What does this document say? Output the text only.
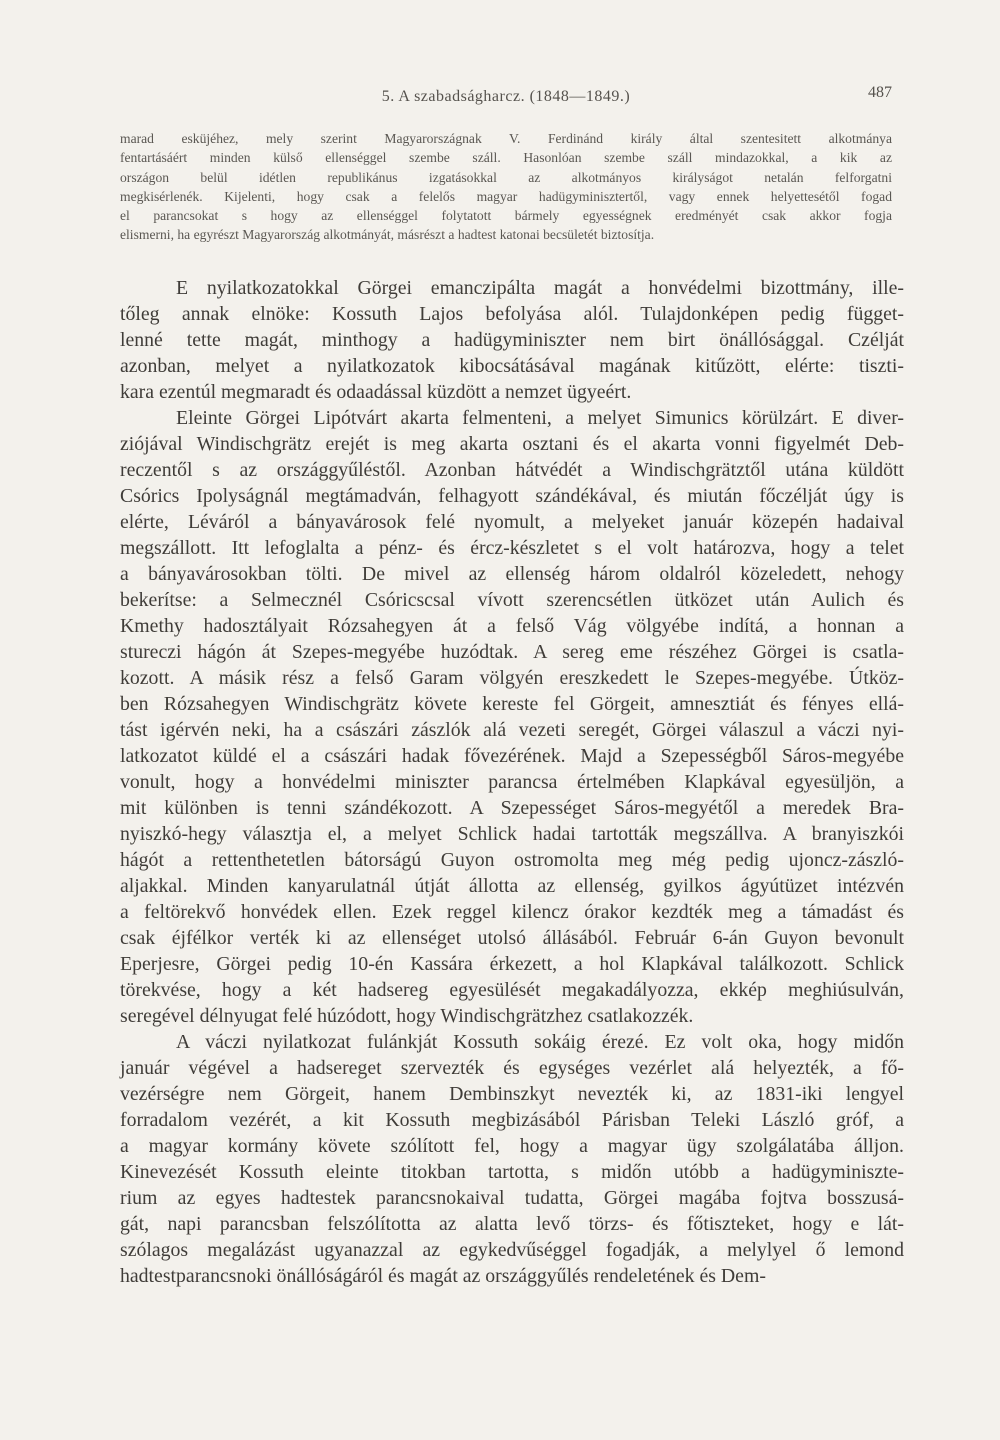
5. A szabadságharcz. (1848—1849.)	487
marad esküjéhez, mely szerint Magyarországnak V. Ferdinánd király által szentesitett alkotmánya
fentartásáért minden külső ellenséggel szembe száll. Hasonlóan szembe száll mindazokkal, a kik az
országon belül idétlen republikánus izgatásokkal az alkotmányos királyságot netalán felforgatni
megkisérlenék. Kijelenti, hogy csak a felelős magyar hadügyminisztertől, vagy ennek helyettesétől fogad
el parancsokat s hogy az ellenséggel folytatott bármely egyességnek eredményét csak akkor fogja
elismerni, ha egyrészt Magyarország alkotmányát, másrészt a hadtest katonai becsületét biztosítja.
E nyilatkozatokkal Görgei emanczipálta magát a honvédelmi bizottmány, ille-
tőleg annak elnöke: Kossuth Lajos befolyása alól. Tulajdonképen pedig függet-
lenné tette magát, minthogy a hadügyminiszter nem birt önállósággal. Czélját
azonban, melyet a nyilatkozatok kibocsátásával magának kitűzött, elérte: tiszti-
kara ezentúl megmaradt és odaadással küzdött a nemzet ügyeért.
Eleinte Görgei Lipótvárt akarta felmenteni, a melyet Simunics körülzárt. E diver-
ziójával Windischgrätz erejét is meg akarta osztani és el akarta vonni figyelmét Deb-
reczentől s az országgyűléstől. Azonban hátvédét a Windischgrätztől utána küldött
Csórics Ipolyságnál megtámadván, felhagyott szándékával, és miután főczélját úgy is
elérte, Léváról a bányavárosok felé nyomult, a melyeket január közepén hadaival
megszállott. Itt lefoglalta a pénz- és ércz-készletet s el volt határozva, hogy a telet
a bányavárosokban tölti. De mivel az ellenség három oldalról közeledett, nehogy
bekerítse: a Selmecznél Csóricscsal vívott szerencsétlen ütközet után Aulich és
Kmethy hadosztályait Rózsahegyen át a felső Vág völgyébe indítá, a honnan a
stureczi hágón át Szepes-megyébe huzódtak. A sereg eme részéhez Görgei is csatla-
kozott. A másik rész a felső Garam völgyén ereszkedett le Szepes-megyébe. Útköz-
ben Rózsahegyen Windischgrätz követe kereste fel Görgeit, amnesztiát és fényes ellá-
tást igérvén neki, ha a császári zászlók alá vezeti seregét, Görgei válaszul a váczi nyi-
latkozatot küldé el a császári hadak fővezérének. Majd a Szepességből Sáros-megyébe
vonult, hogy a honvédelmi miniszter parancsa értelmében Klapkával egyesüljön, a
mit különben is tenni szándékozott. A Szepességet Sáros-megyétől a meredek Bra-
nyiszkó-hegy választja el, a melyet Schlick hadai tartották megszállva. A branyiszkói
hágót a rettenthetetlen bátorságú Guyon ostromolta meg még pedig ujoncz-zászló-
aljakkal. Minden kanyarulatnál útját állotta az ellenség, gyilkos ágyútüzet intézvén
a feltörekvő honvédek ellen. Ezek reggel kilencz órakor kezdték meg a támadást és
csak éjfélkor verték ki az ellenséget utolsó állásából. Február 6-án Guyon bevonult
Eperjesre, Görgei pedig 10-én Kassára érkezett, a hol Klapkával találkozott. Schlick
törekvése, hogy a két hadsereg egyesülését megakadályozza, ekkép meghiúsulván,
seregével délnyugat felé húzódott, hogy Windischgrätzhez csatlakozzék.
A váczi nyilatkozat fulánkját Kossuth sokáig érezé. Ez volt oka, hogy midőn
január végével a hadsereget szervezték és egységes vezérlet alá helyezték, a fő-
vezérségre nem Görgeit, hanem Dembinszkyt nevezték ki, az 1831-iki lengyel
forradalom vezérét, a kit Kossuth megbizásából Párisban Teleki László gróf, a
a magyar kormány követe szólított fel, hogy a magyar ügy szolgálatába álljon.
Kinevezését Kossuth eleinte titokban tartotta, s midőn utóbb a hadügyminiszte-
rium az egyes hadtestek parancsnokaival tudatta, Görgei magába fojtva bosszusá-
gát, napi parancsban felszólította az alatta levő törzs- és főtiszteket, hogy e lát-
szólagos megalázást ugyanazzal az egykedvűséggel fogadják, a melylyel ő lemond
hadtestparancsnoki önállóságáról és magát az országgyűlés rendeletének és Dem-
